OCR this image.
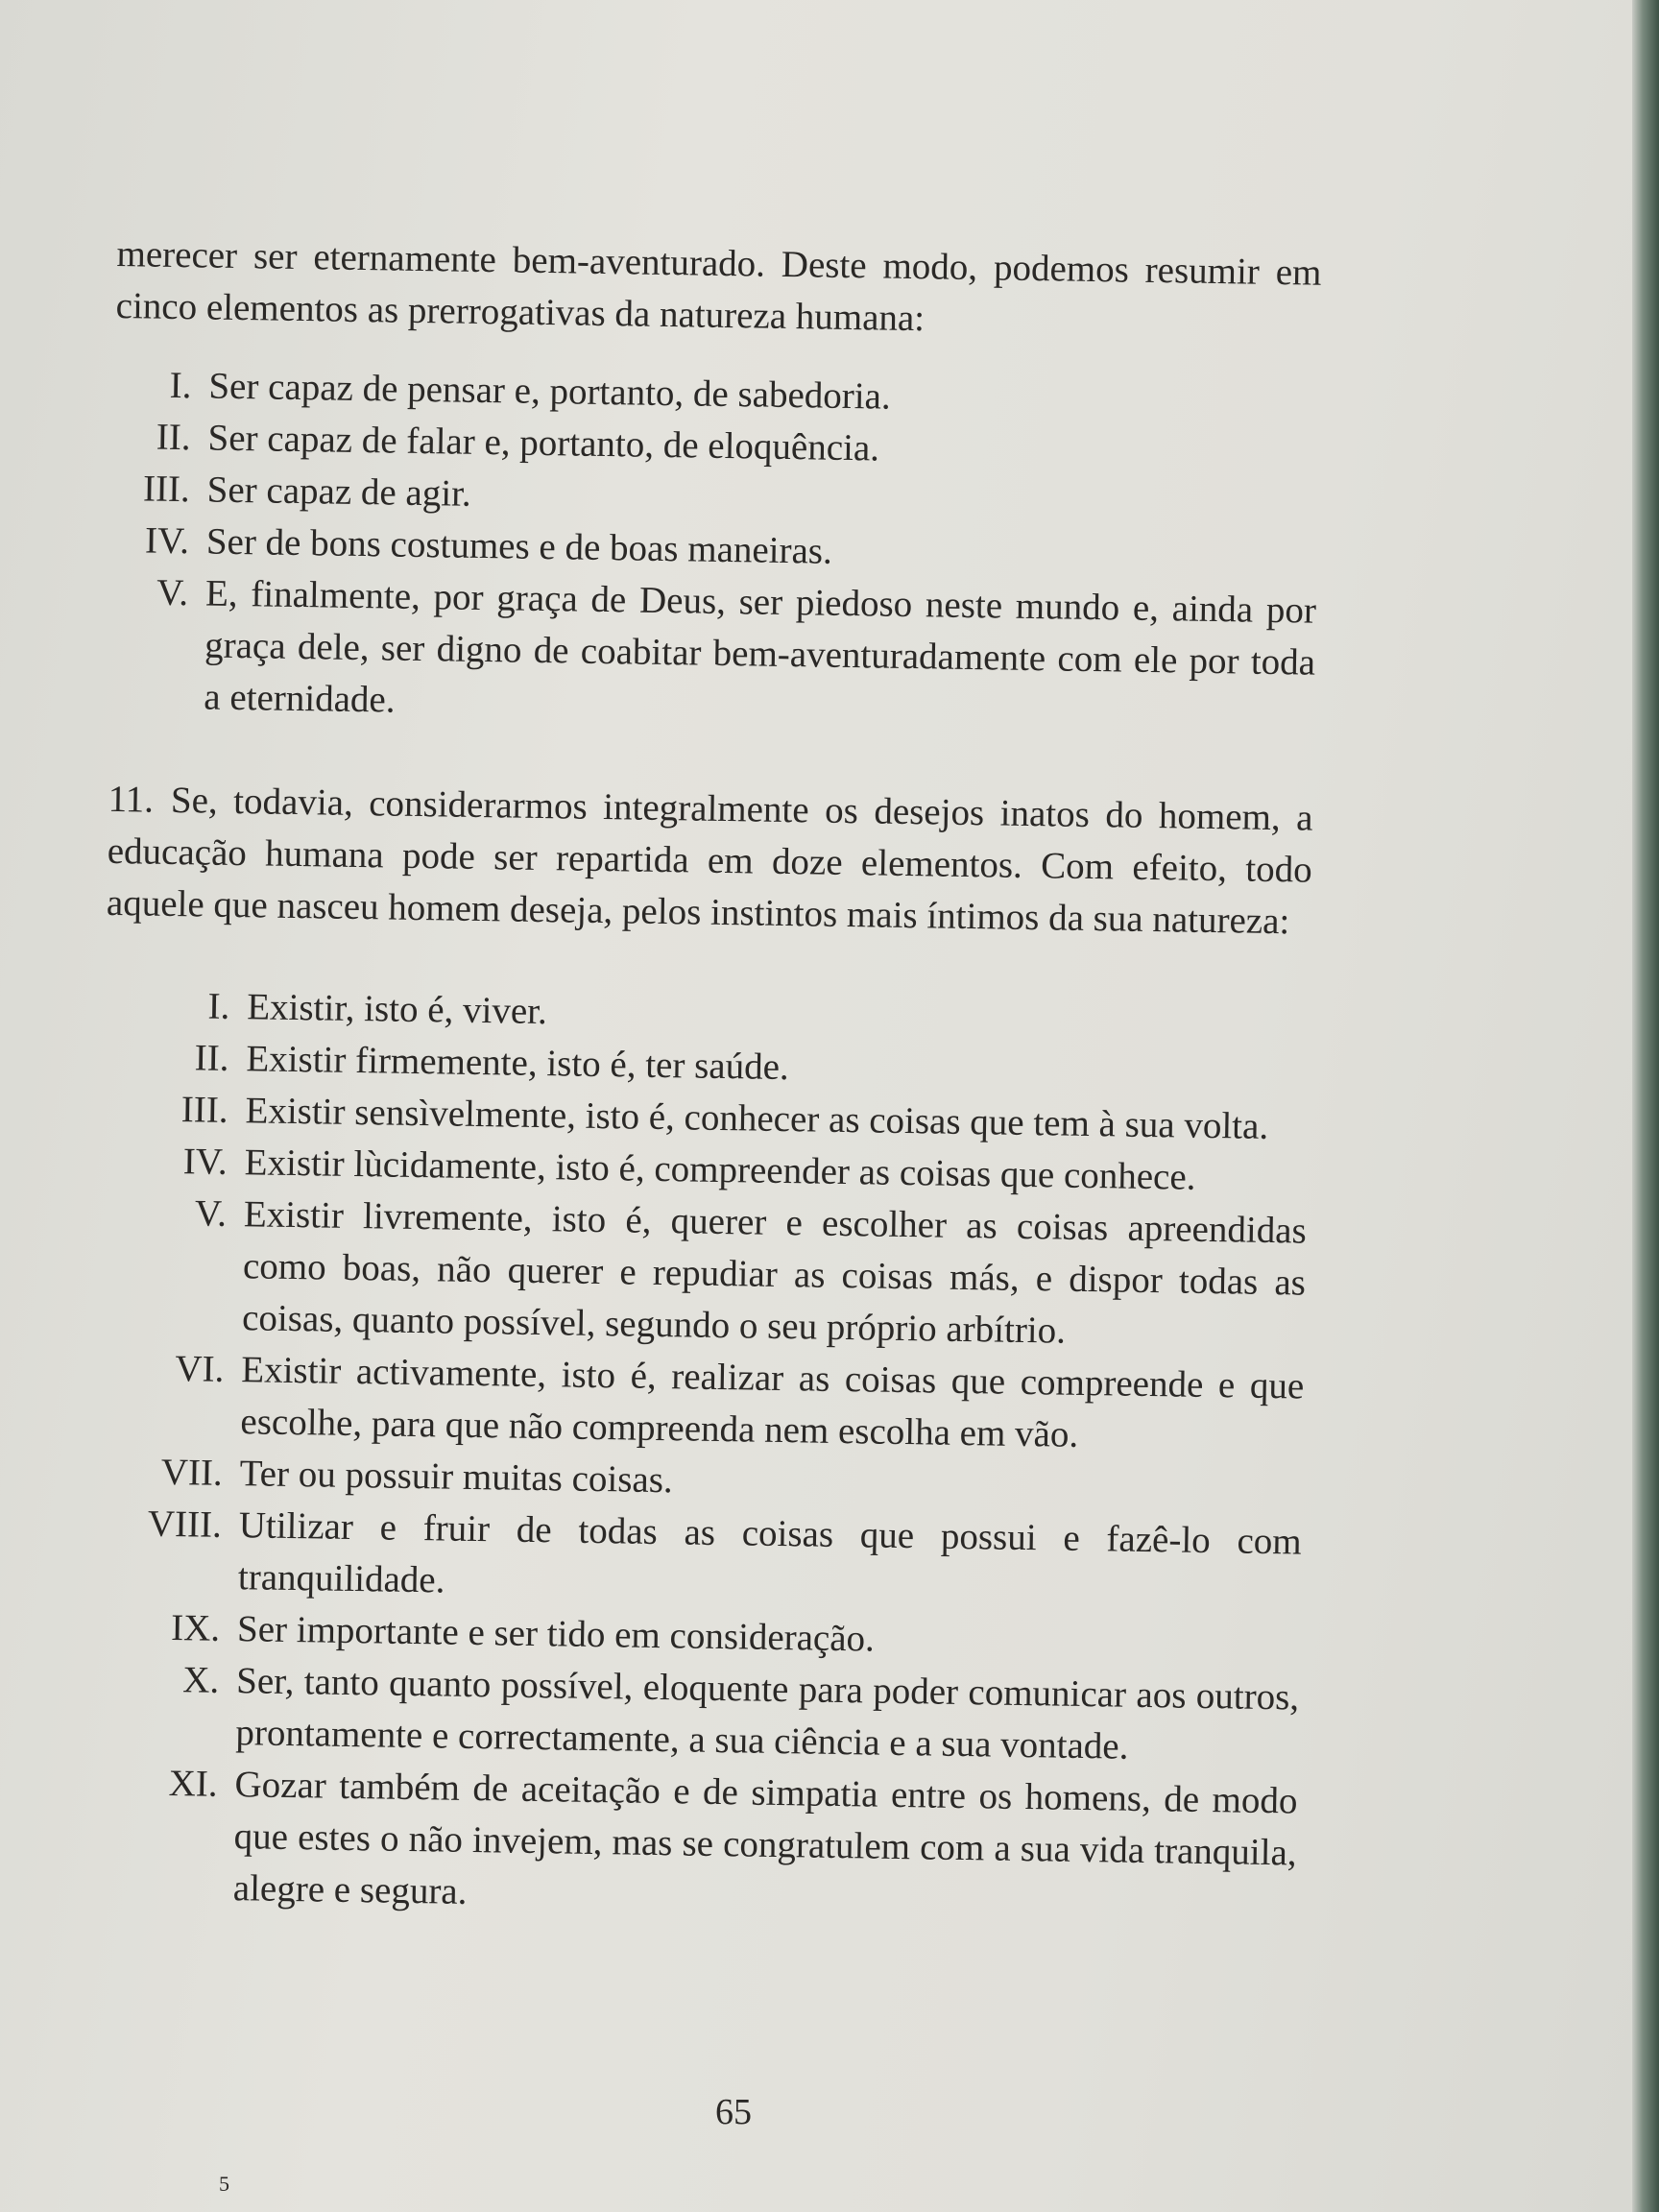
merecer ser eternamente bem-aventurado. Deste modo, podemos resumir em cinco elementos as prerrogativas da natureza humana:

I. Ser capaz de pensar e, portanto, de sabedoria.
II. Ser capaz de falar e, portanto, de eloquência.
III. Ser capaz de agir.
IV. Ser de bons costumes e de boas maneiras.
V. E, finalmente, por graça de Deus, ser piedoso neste mundo e, ainda por graça dele, ser digno de coabitar bem-aventuradamente com ele por toda a eternidade.

11. Se, todavia, considerarmos integralmente os desejos inatos do homem, a educação humana pode ser repartida em doze elementos. Com efeito, todo aquele que nasceu homem deseja, pelos instintos mais íntimos da sua natureza:

I. Existir, isto é, viver.
II. Existir firmemente, isto é, ter saúde.
III. Existir sensìvelmente, isto é, conhecer as coisas que tem à sua volta.
IV. Existir lùcidamente, isto é, compreender as coisas que conhece.
V. Existir livremente, isto é, querer e escolher as coisas apreendidas como boas, não querer e repudiar as coisas más, e dispor todas as coisas, quanto possível, segundo o seu próprio arbítrio.
VI. Existir activamente, isto é, realizar as coisas que compreende e que escolhe, para que não compreenda nem escolha em vão.
VII. Ter ou possuir muitas coisas.
VIII. Utilizar e fruir de todas as coisas que possui e fazê-lo com tranquilidade.
IX. Ser importante e ser tido em consideração.
X. Ser, tanto quanto possível, eloquente para poder comunicar aos outros, prontamente e correctamente, a sua ciência e a sua vontade.
XI. Gozar também de aceitação e de simpatia entre os homens, de modo que estes o não invejem, mas se congratulem com a sua vida tranquila, alegre e segura.
65
5
